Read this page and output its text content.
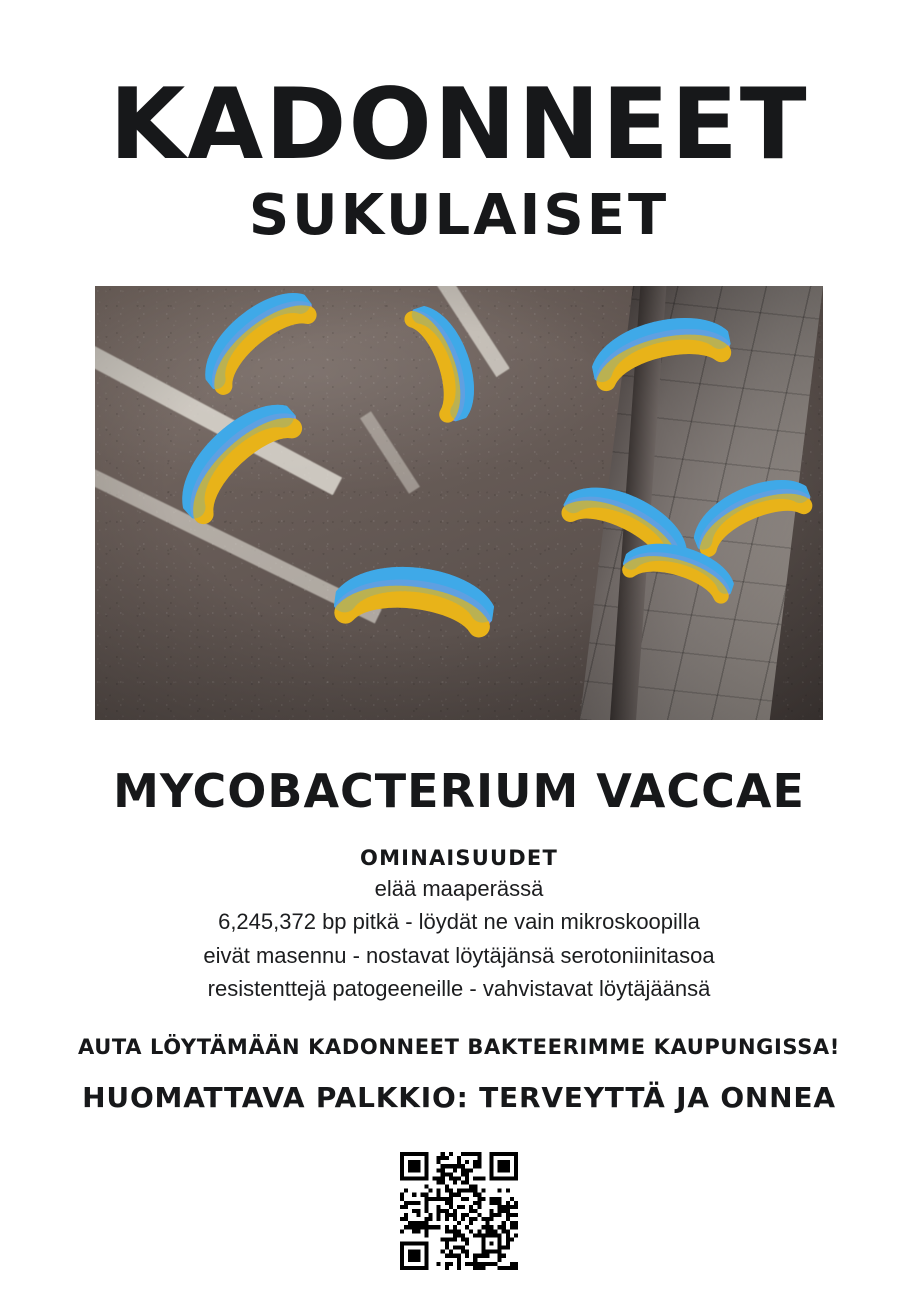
KADONNEET
SUKULAISET
MYCOBACTERIUM VACCAE
OMINAISUUDET
elää maaperässä
6,245,372 bp pitkä - löydät ne vain mikroskoopilla
eivät masennu - nostavat löytäjänsä serotoniinitasoa
resistenttejä patogeeneille - vahvistavat löytäjäänsä
AUTA LÖYTÄMÄÄN KADONNEET BAKTEERIMME KAUPUNGISSA!
HUOMATTAVA PALKKIO: TERVEYTTÄ JA ONNEA
